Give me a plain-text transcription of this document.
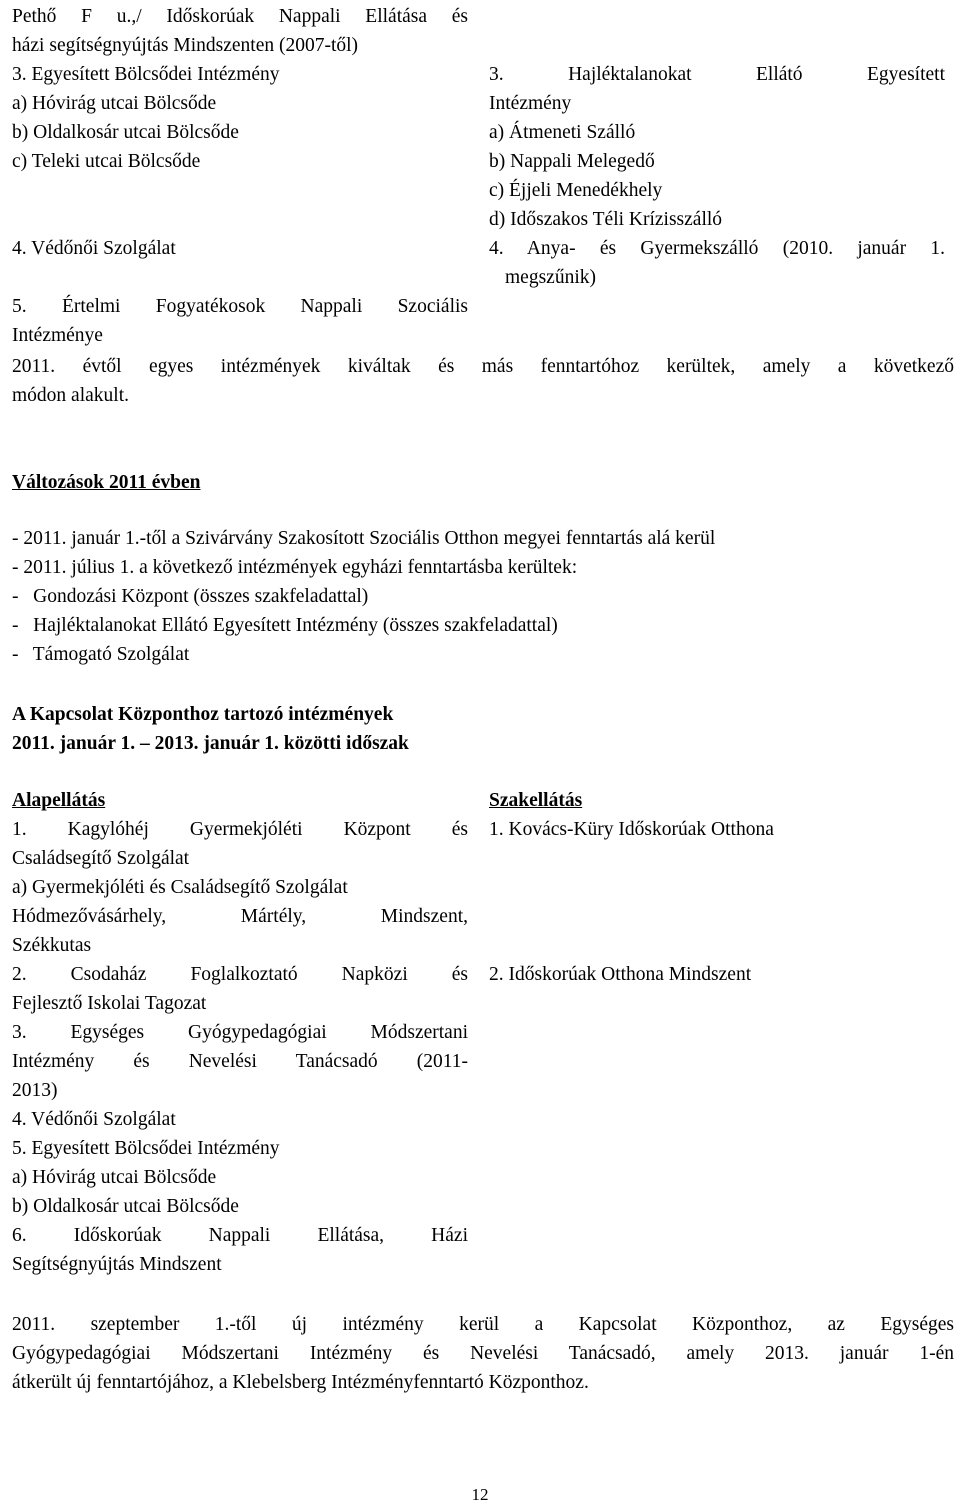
Pethő F u.,/ Időskorúak Nappali Ellátása és
házi segítségnyújtás Mindszenten (2007-től)
3. Egyesített Bölcsődei Intézmény
a) Hóvirág utcai Bölcsőde
b) Oldalkosár utcai Bölcsőde
c) Teleki utcai Bölcsőde
3. Hajléktalanokat Ellátó Egyesített
Intézmény
a) Átmeneti Szálló
b) Nappali Melegedő
c) Éjjeli Menedékhely
d) Időszakos Téli Krízisszálló
4. Védőnői Szolgálat	4. Anya- és Gyermekszálló (2010. január 1.
megszűnik)
5. Értelmi Fogyatékosok Nappali Szociális
Intézménye
2011. évtől egyes intézmények kiváltak és más fenntartóhoz kerültek, amely a következő
módon alakult.
Változások 2011 évben
- 2011. január 1.-től a Szivárvány Szakosított Szociális Otthon megyei fenntartás alá kerül
- 2011. július 1. a következő intézmények egyházi fenntartásba kerültek:
-   Gondozási Központ (összes szakfeladattal)
-   Hajléktalanokat Ellátó Egyesített Intézmény (összes szakfeladattal)
-   Támogató Szolgálat
A Kapcsolat Központhoz tartozó intézmények
2011. január 1. – 2013. január 1. közötti időszak
Alapellátás
1. Kagylóhéj Gyermekjóléti Központ és
Családsegítő Szolgálat
a) Gyermekjóléti és Családsegítő Szolgálat
Hódmezővásárhely, Mártély, Mindszent,
Székkutas
2. Csodaház Foglalkoztató Napközi és
Fejlesztő Iskolai Tagozat
3. Egységes Gyógypedagógiai Módszertani
Intézmény és Nevelési Tanácsadó (2011-
2013)
4. Védőnői Szolgálat
5. Egyesített Bölcsődei Intézmény
a) Hóvirág utcai Bölcsőde
b) Oldalkosár utcai Bölcsőde
6. Időskorúak Nappali Ellátása, Házi
Segítségnyújtás Mindszent
Szakellátás
1. Kovács-Küry Időskorúak Otthona
2. Időskorúak Otthona Mindszent
2011. szeptember 1.-től új intézmény kerül a Kapcsolat Központhoz, az Egységes
Gyógypedagógiai Módszertani Intézmény és Nevelési Tanácsadó, amely 2013. január 1-én
átkerült új fenntartójához, a Klebelsberg Intézményfenntartó Központhoz.
12
